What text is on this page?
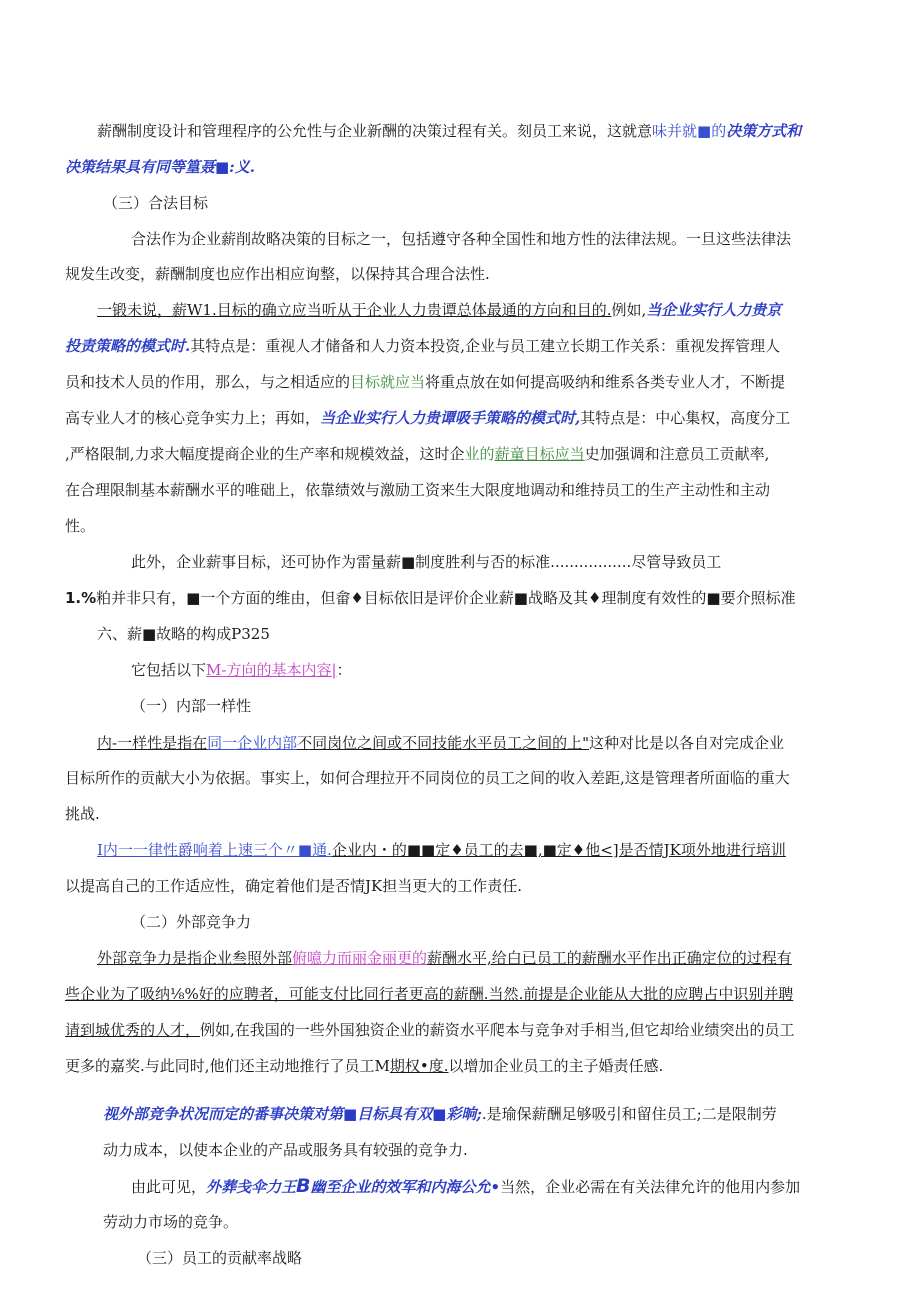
薪酬制度设计和管理程序的公允性与企业新酬的决策过程有关。刻员工来说，这就意味并就■的决策方式和
决策结果具有同等篁聂■:义.
（三）合法目标
合法作为企业薪削故略决策的目标之一，包括遵守各种全国性和地方性的法律法规。一旦这些法律法
规发生改变，薪酬制度也应作出相应询整，以保持其合理合法性.
一锻未说，薪W1.目标的确立应当听从于企业人力贵谭总体最通的方向和目的.例如,当企业实行人力贵京
投责策略的模式时.其特点是：重视人才储备和人力资本投资,企业与员工建立长期工作关系：重视发挥管理人
员和技术人员的作用，那么，与之相适应的目标就应当将重点放在如何提高吸纳和维系各类专业人才，不断提
高专业人才的核心竞争实力上；再如，当企业实行人力贵谭吸手策略的模式时,其特点是：中心集权，高度分工
,严格限制,力求大幅度提商企业的生产率和规模效益，这时企业的薪童目标应当史加强调和注意员工贡献率,
在合理限制基本薪酬水平的唯础上，依靠绩效与激励工资来生大限度地调动和维持员工的生产主动性和主动
性。
此外，企业薪事目标，还可协作为雷量薪■制度胜利与否的标准.................尽管导致员工
1.%粕并非只有，■一个方面的维由，但畲♦目标依旧是评价企业薪■战略及其♦理制度有效性的■要介照标准
六、薪■故略的构成P325
它包括以下M-方向的基本内容|：
（一）内部一样性
内-一样性是指在同一企业内部不同岗位之间或不同技能水平员工之间的上"这种对比是以各自对完成企业
目标所作的贡献大小为依据。事实上，如何合理拉开不同岗位的员工之间的收入差距,这是管理者所面临的重大
挑战.
I内一一律性爵响着上速三个〃■通.企业内・的■■定♦员工的去■,■定♦他<]是否情JK项外地进行培训
以提高自己的工作适应性，确定着他们是否情JK担当更大的工作责任.
（二）外部竞争力
外部竞争力是指企业叁照外部俯噫力而丽金丽更的薪酬水平,给白已员工的薪酬水平作出正确定位的过程有
些企业为了吸纳⅛%好的应聘者，可能支付比同行者更高的薪酬.当然.前提是企业能从大批的应聘占中识别并聘
请到城优秀的人才，例如,在我国的一些外国独资企业的薪资水平爬本与竞争对手相当,但它却给业绩突出的员工
更多的嘉奖.与此同时,他们还主动地推行了员工M期权•度.以增加企业员工的主子婚责任感.
视外部竞争状况而定的番事决策对第■目标具有双■彩晌;.是瑜保薪酬足够吸引和留住员工;二是限制劳
动力成本，以使本企业的产品或服务具有较强的竞争力.
由此可见，外葬戋伞力王B幽至企业的效军和内海公允•当然，企业必需在有关法律允许的他用内参加
劳动力市场的竞争。
（三）员工的贡献率战略
